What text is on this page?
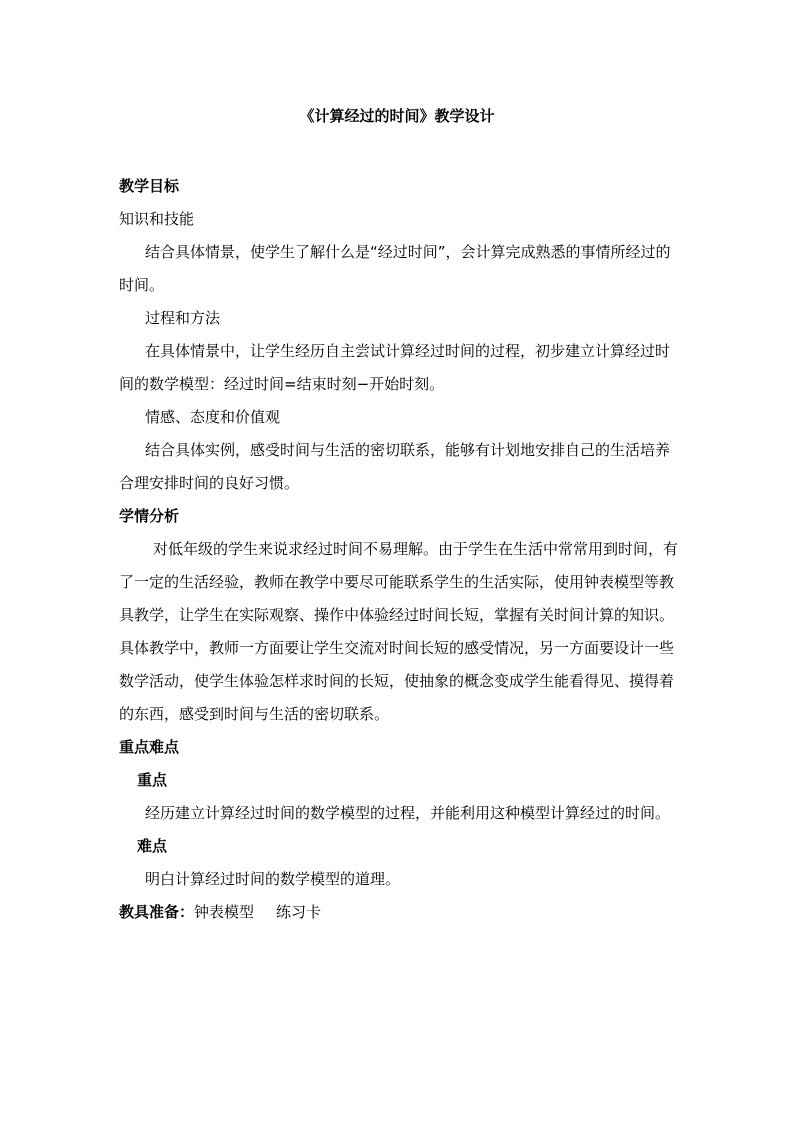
《计算经过的时间》教学设计

教学目标

知识和技能

结合具体情景，使学生了解什么是“经过时间”，会计算完成熟悉的事情所经过的时间。

过程和方法

在具体情景中，让学生经历自主尝试计算经过时间的过程，初步建立计算经过时间的数学模型：经过时间=结束时刻−开始时刻。

情感、态度和价值观

结合具体实例，感受时间与生活的密切联系，能够有计划地安排自己的生活培养合理安排时间的良好习惯。

学情分析

对低年级的学生来说求经过时间不易理解。由于学生在生活中常常用到时间，有了一定的生活经验，教师在教学中要尽可能联系学生的生活实际，使用钟表模型等教具教学，让学生在实际观察、操作中体验经过时间长短，掌握有关时间计算的知识。具体教学中，教师一方面要让学生交流对时间长短的感受情况，另一方面要设计一些数学活动，使学生体验怎样求时间的长短，使抽象的概念变成学生能看得见、摸得着的东西，感受到时间与生活的密切联系。

重点难点

重点

经历建立计算经过时间的数学模型的过程，并能利用这种模型计算经过的时间。

难点

明白计算经过时间的数学模型的道理。

教具准备：钟表模型 练习卡
